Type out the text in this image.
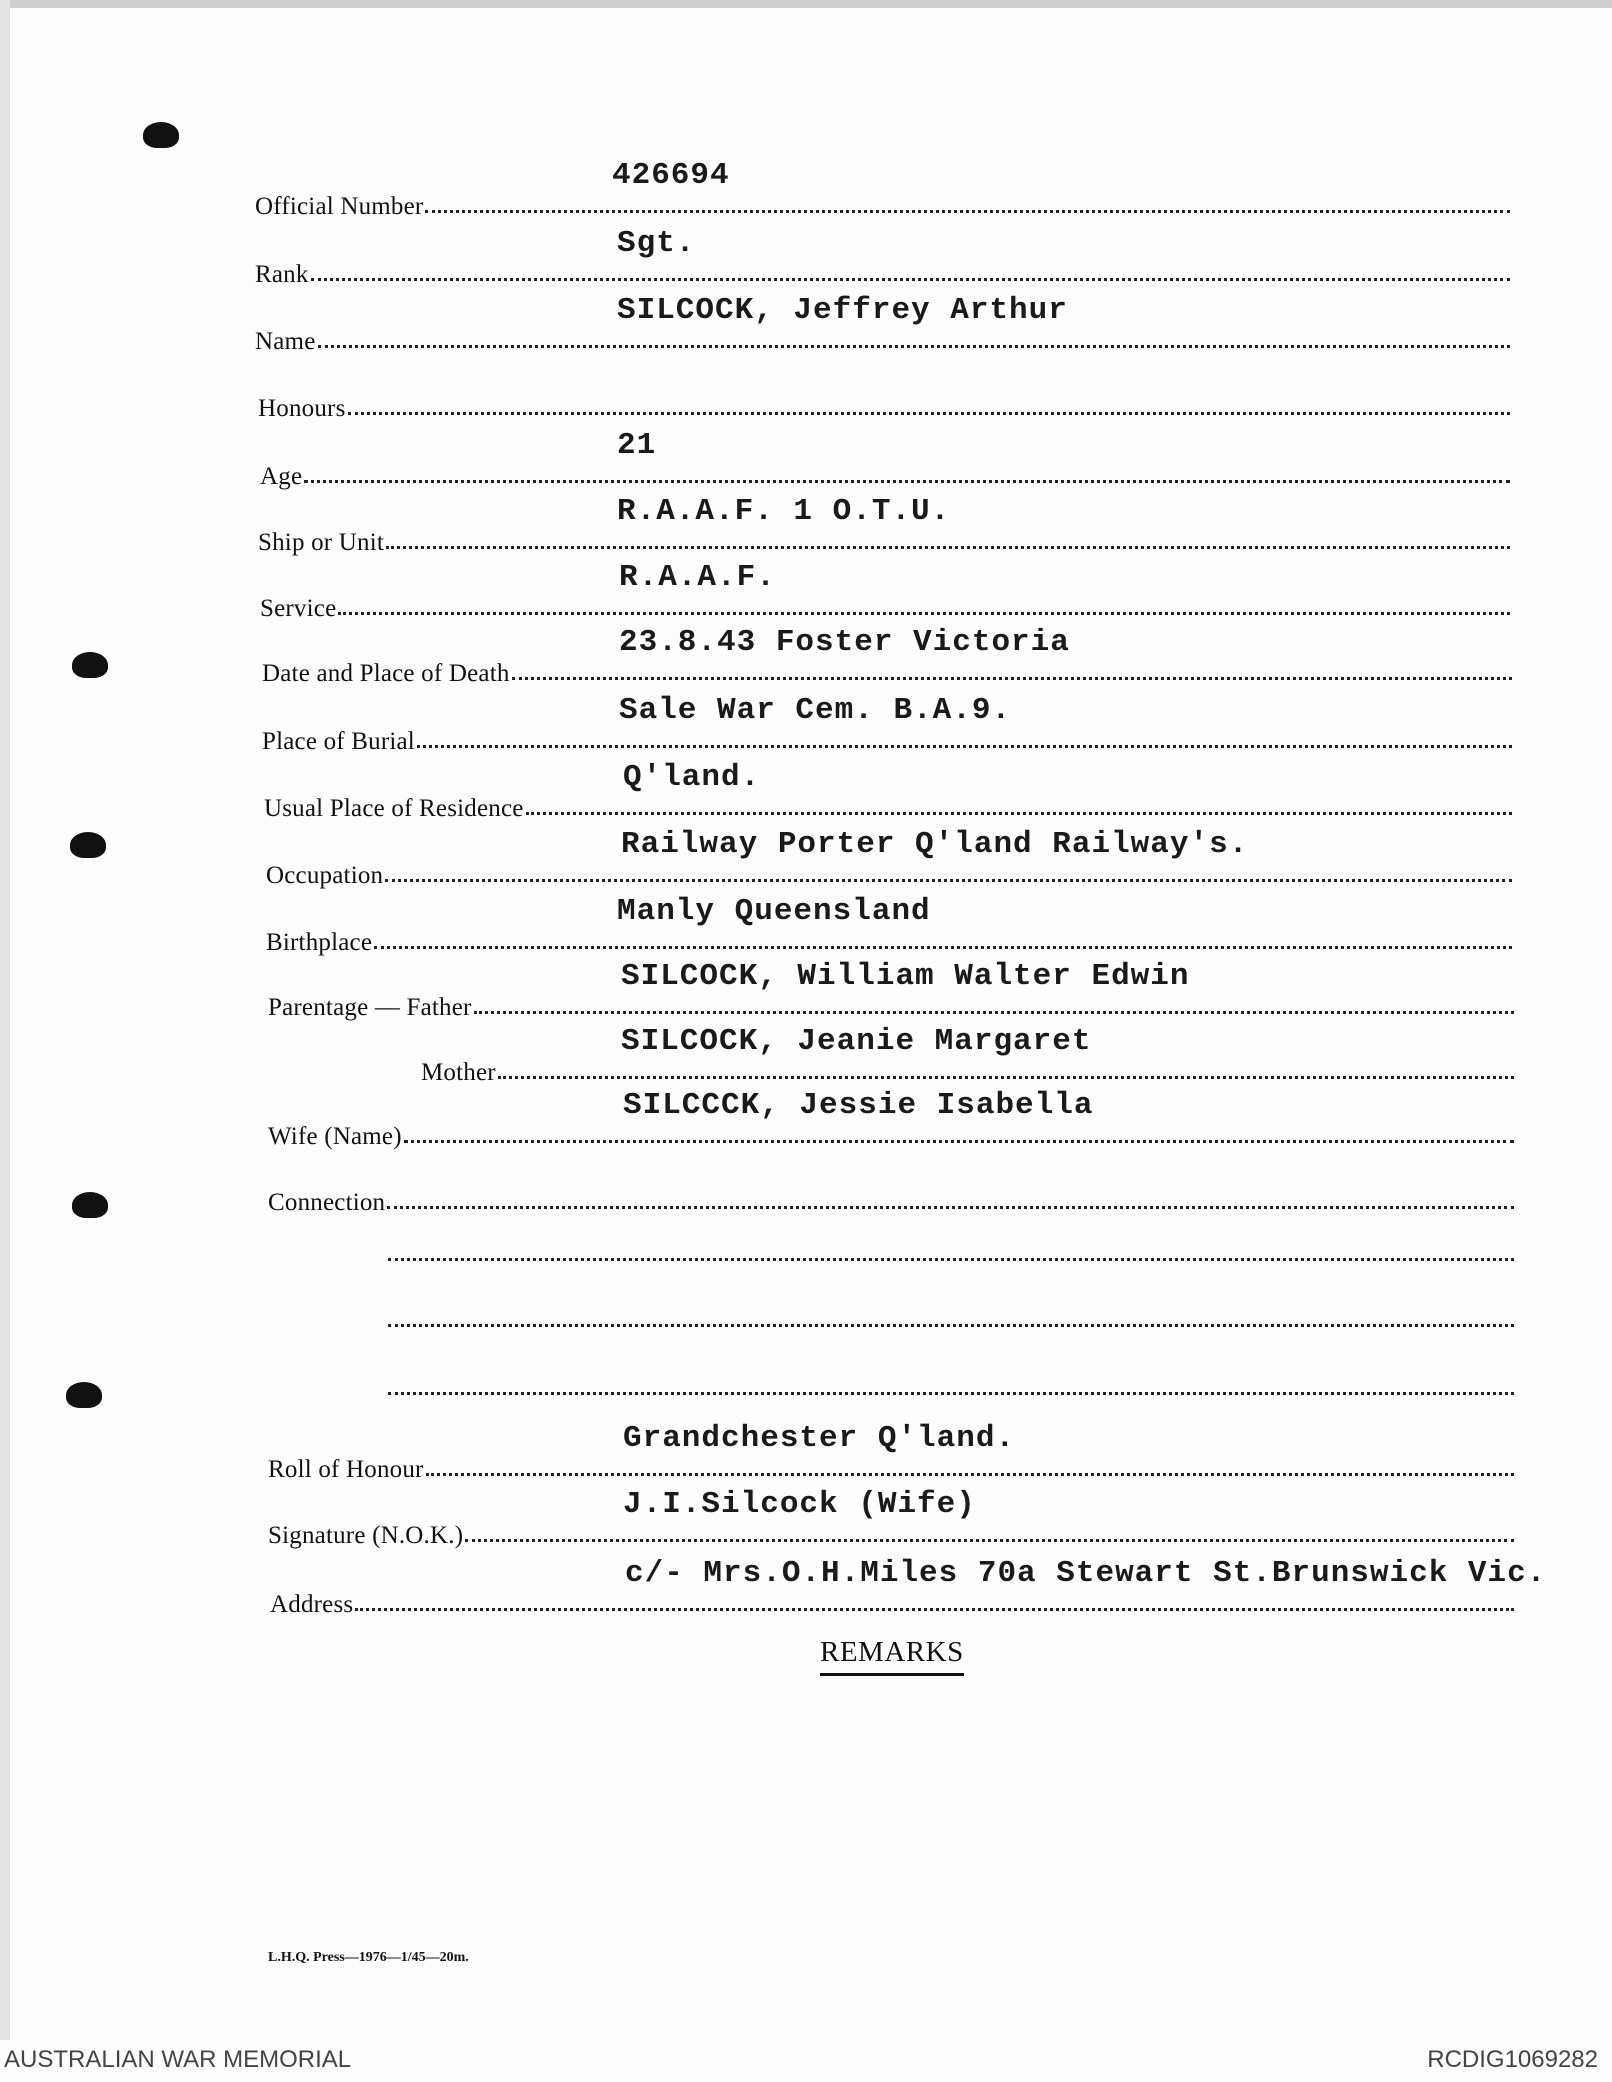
Official Number
426694
Rank
Sgt.
Name
SILCOCK, Jeffrey Arthur
Honours
Age
21
Ship or Unit
R.A.A.F. 1 O.T.U.
Service
R.A.A.F.
Date and Place of Death
23.8.43 Foster Victoria
Place of Burial
Sale War Cem. B.A.9.
Usual Place of Residence
Q'land.
Occupation
Railway Porter Q'land Railway's.
Birthplace
Manly Queensland
Parentage — Father
SILCOCK, William Walter Edwin
Mother
SILCOCK, Jeanie Margaret
Wife (Name)
SILCCCK, Jessie Isabella
Connection
Roll of Honour
Grandchester Q'land.
Signature (N.O.K.)
J.I.Silcock (Wife)
Address
c/- Mrs.O.H.Miles 70a Stewart St.Brunswick Vic.
REMARKS
L.H.Q. Press—1976—1/45—20m.
AUSTRALIAN WAR MEMORIAL	RCDIG1069282
